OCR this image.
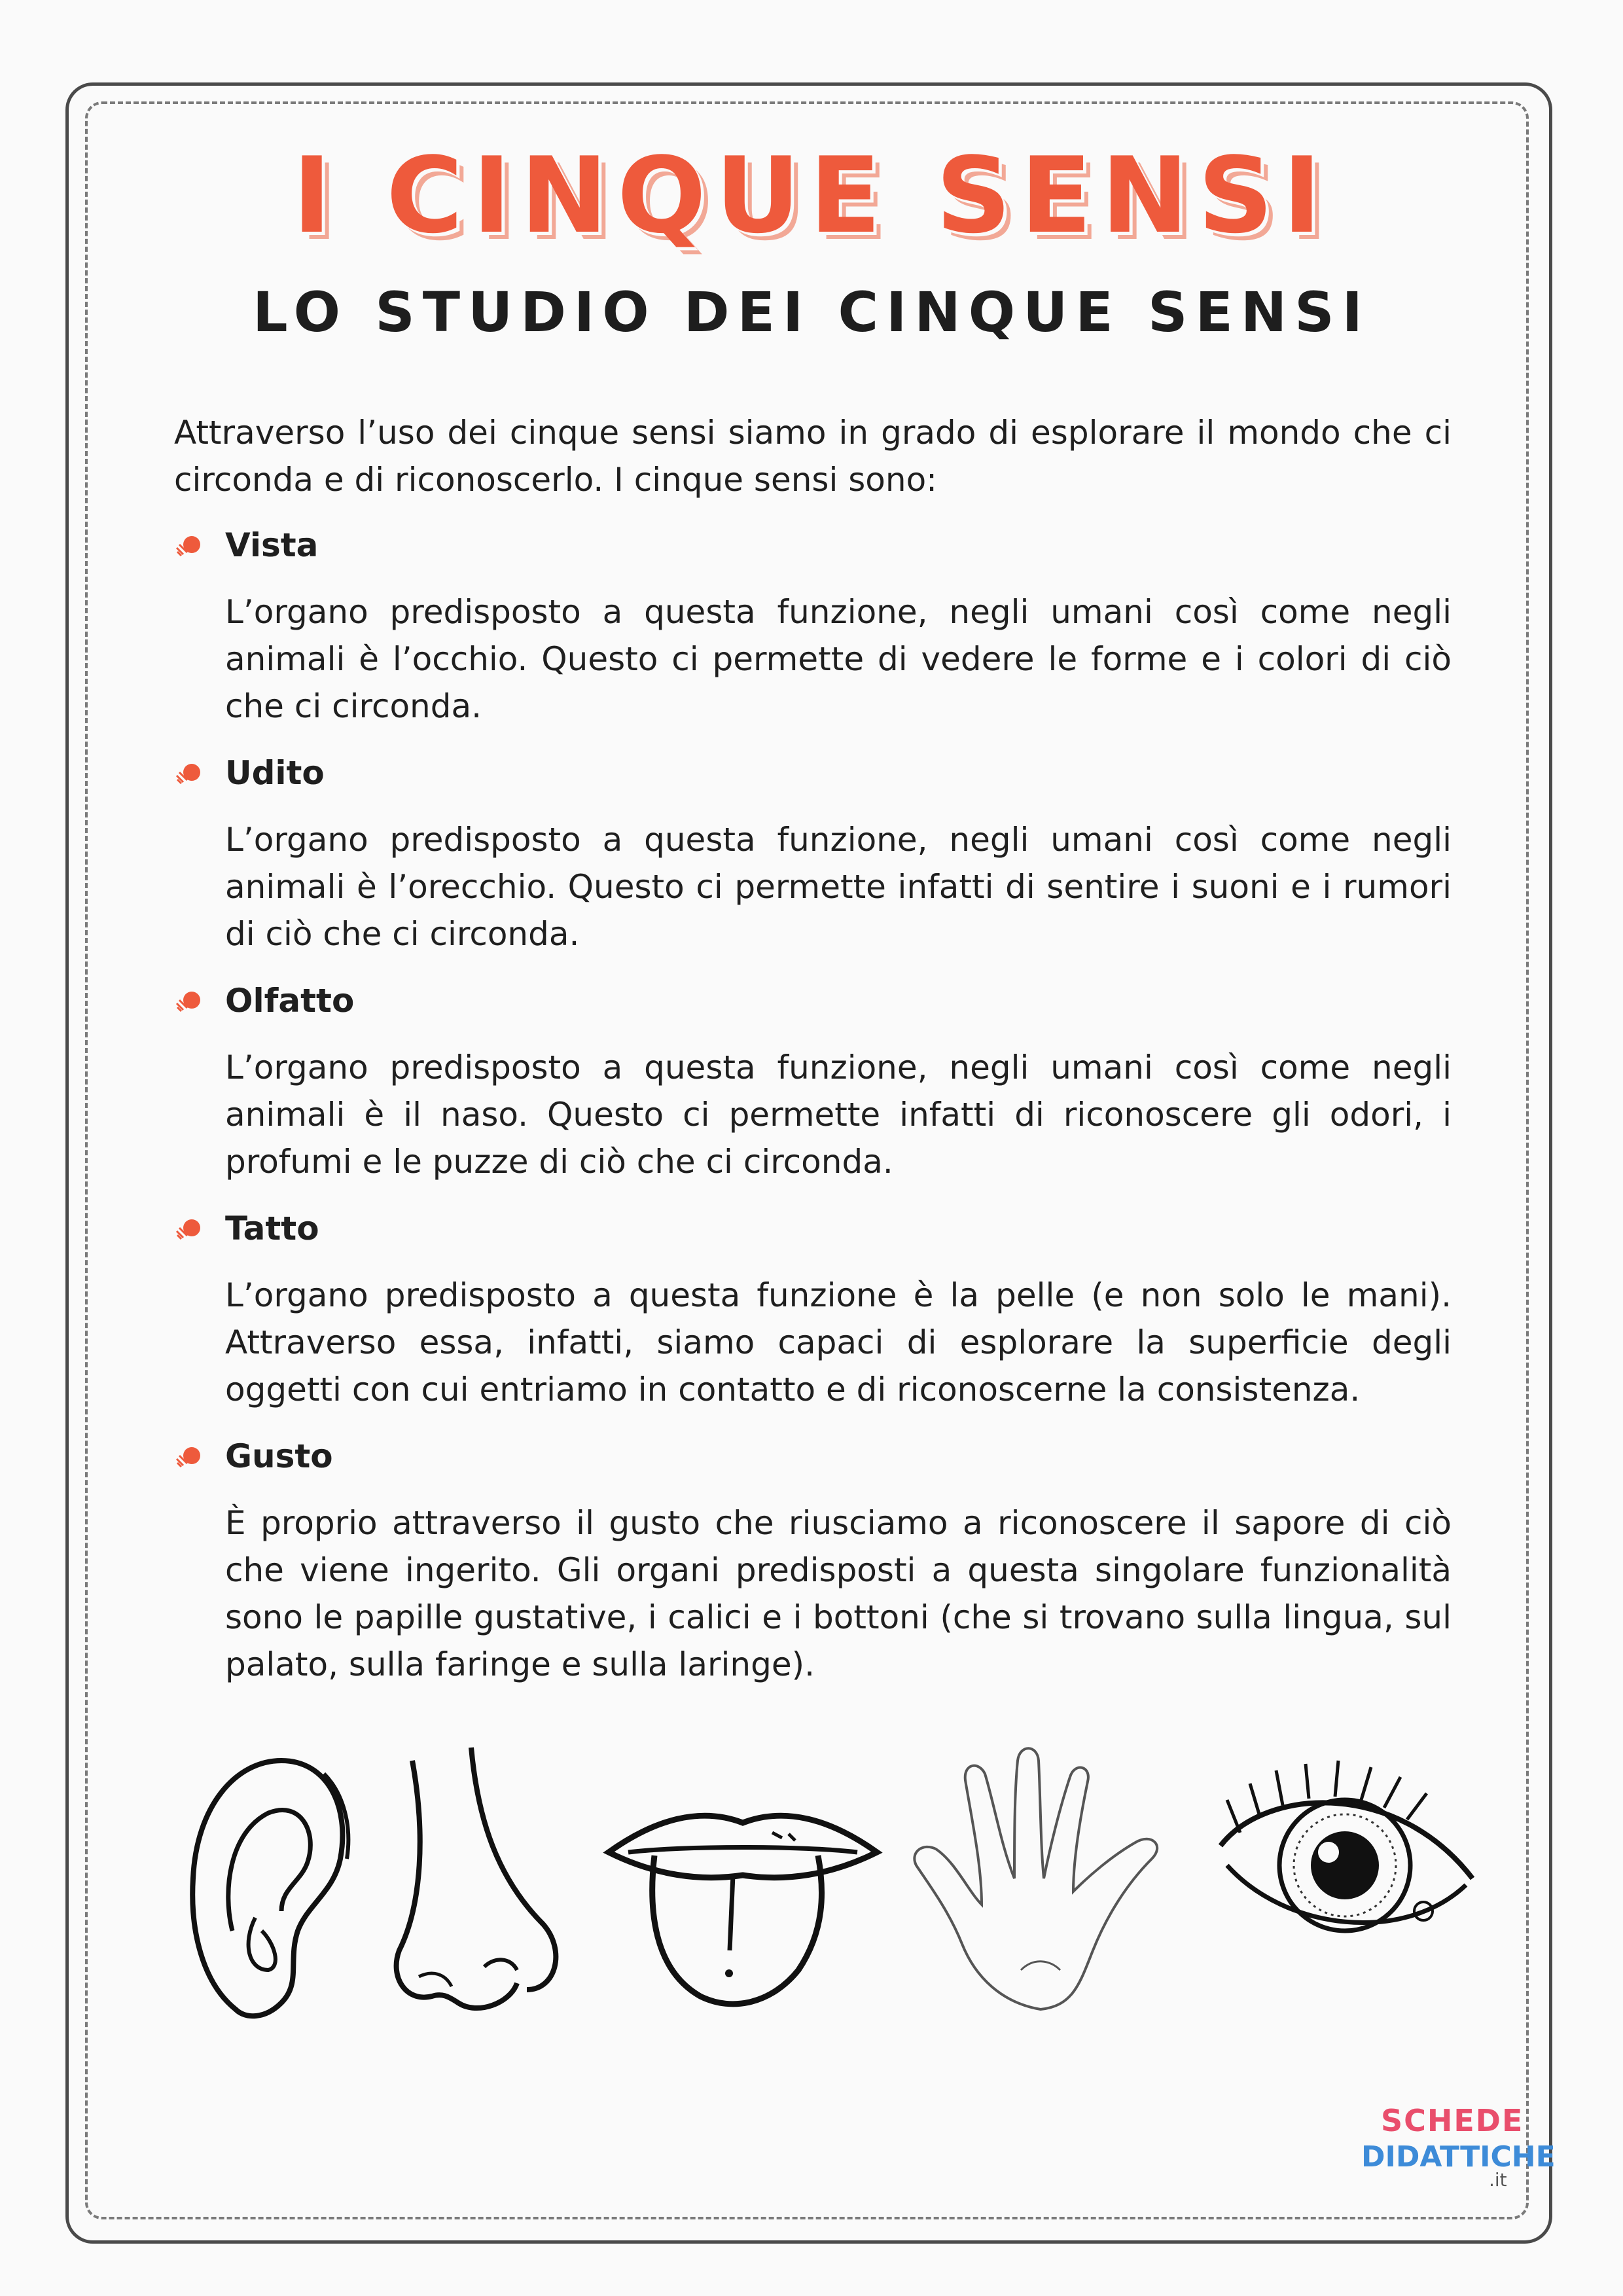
I CINQUE SENSI
LO STUDIO DEI CINQUE SENSI

Attraverso l’uso dei cinque sensi siamo in grado di esplorare il mondo che ci circonda e di riconoscerlo. I cinque sensi sono:

Vista

L’organo predisposto a questa funzione, negli umani così come negli animali è l’occhio. Questo ci permette di vedere le forme e i colori di ciò che ci circonda.

Udito

L’organo predisposto a questa funzione, negli umani così come negli animali è l’orecchio. Questo ci permette infatti di sentire i suoni e i rumori di ciò che ci circonda.

Olfatto

L’organo predisposto a questa funzione, negli umani così come negli animali è il naso. Questo ci permette infatti di riconoscere gli odori, i profumi e le puzze di ciò che ci circonda.

Tatto

L’organo predisposto a questa funzione è la pelle (e non solo le mani). Attraverso essa, infatti, siamo capaci di esplorare la superficie degli oggetti con cui entriamo in contatto e di riconoscerne la consistenza.

Gusto

È proprio attraverso il gusto che riusciamo a riconoscere il sapore di ciò che viene ingerito. Gli organi predisposti a questa singolare funzionalità sono le papille gustative, i calici e i bottoni (che si trovano sulla lingua, sul palato, sulla faringe e sulla laringe).

SCHEDE
DIDATTICHE
.it
